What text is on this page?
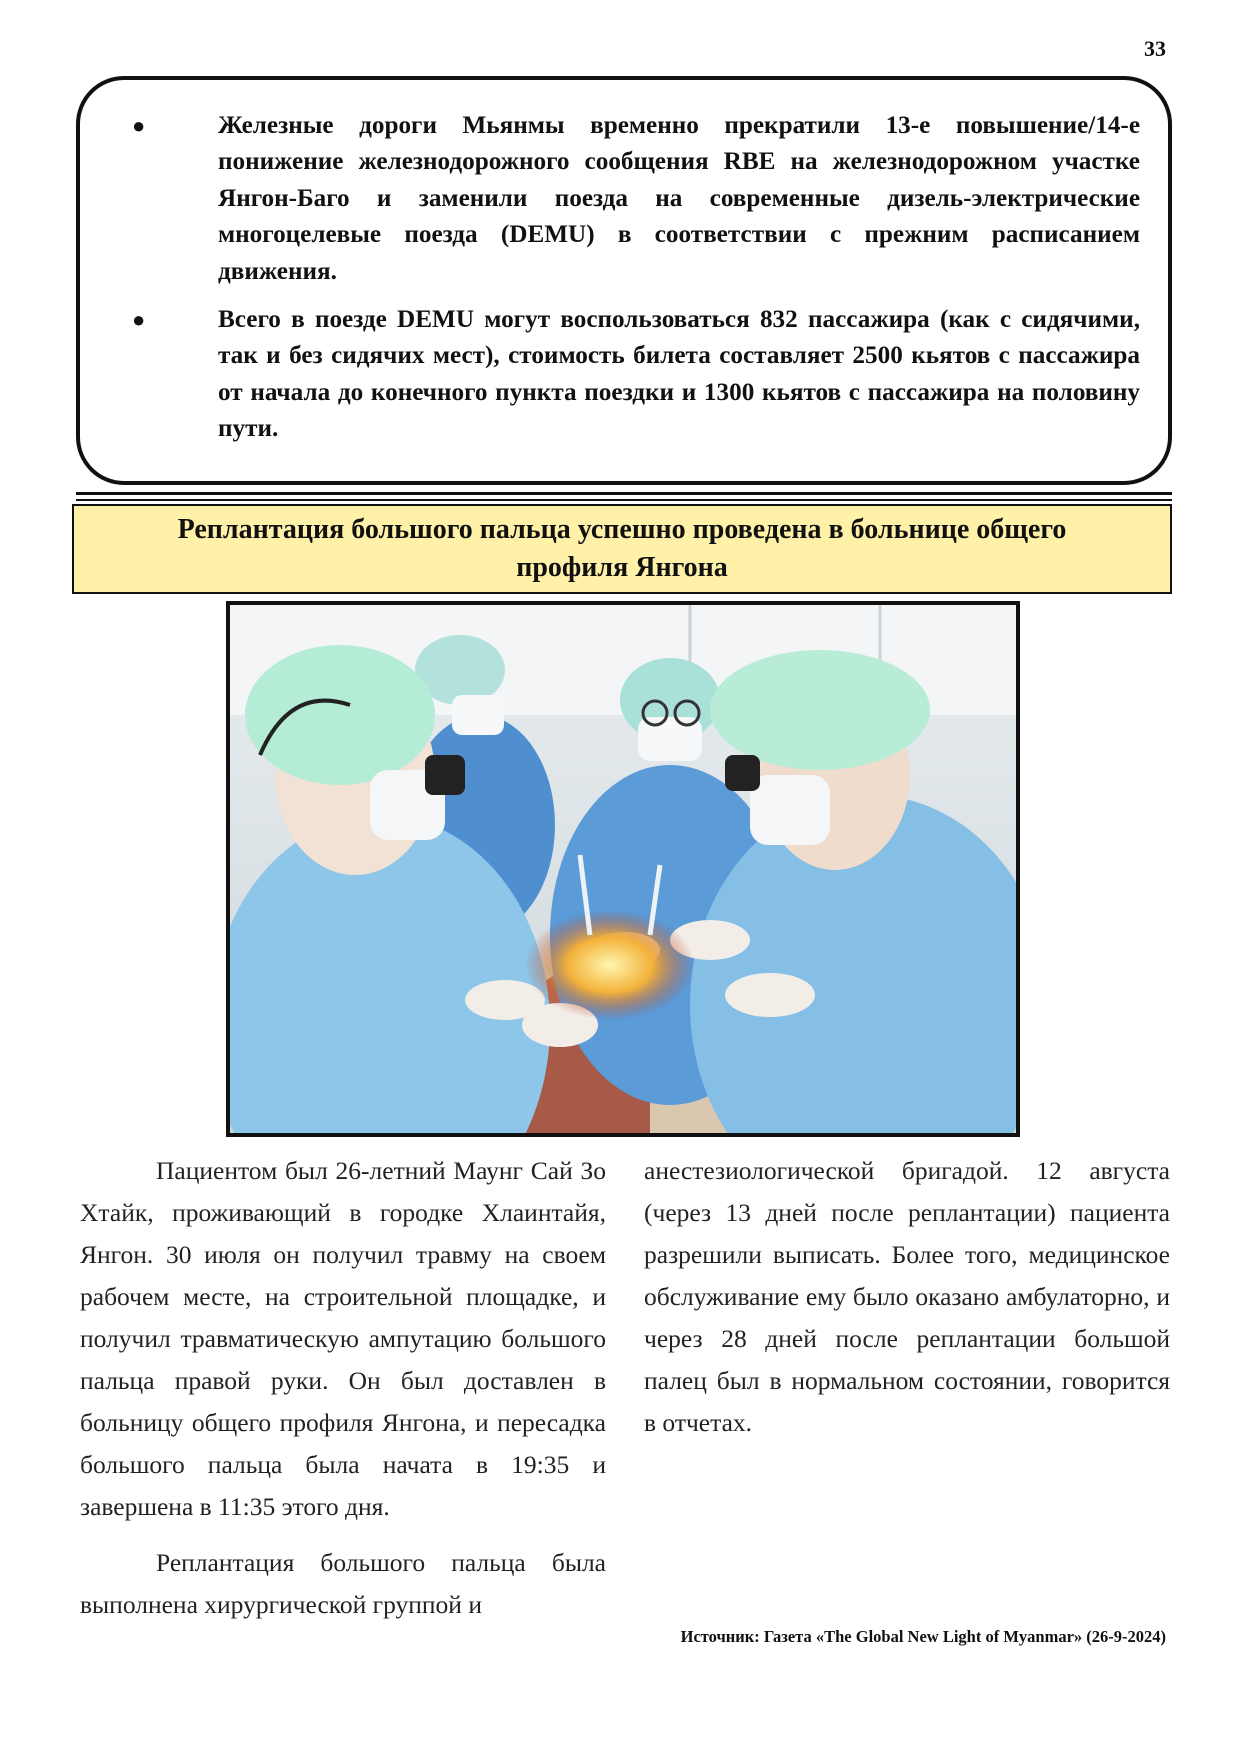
33
●	Железные дороги Мьянмы временно прекратили 13-е повышение/14-е понижение железнодорожного сообщения RBE на железнодорожном участке Янгон-Баго и заменили поезда на современные дизель-электрические многоцелевые поезда (DEMU) в соответствии с прежним расписанием движения.
●	Всего в поезде DEMU могут воспользоваться 832 пассажира (как с сидячими, так и без сидячих мест), стоимость билета составляет 2500 кьятов с пассажира от начала до конечного пункта поездки и 1300 кьятов с пассажира на половину пути.
Реплантация большого пальца успешно проведена в больнице общего профиля Янгона

Пациентом был 26-летний Маунг Сай Зо Хтайк, проживающий в городке Хлаинтайя, Янгон. 30 июля он получил травму на своем рабочем месте, на строительной площадке, и получил травматическую ампутацию большого пальца правой руки. Он был доставлен в больницу общего профиля Янгона, и пересадка большого пальца была начата в 19:35 и завершена в 11:35 этого дня.

Реплантация большого пальца была выполнена хирургической группой и

анестезиологической бригадой. 12 августа (через 13 дней после реплантации) пациента разрешили выписать. Более того, медицинское обслуживание ему было оказано амбулаторно, и через 28 дней после реплантации большой палец был в нормальном состоянии, говорится в отчетах.

Источник: Газета «The Global New Light of Myanmar» (26-9-2024)
